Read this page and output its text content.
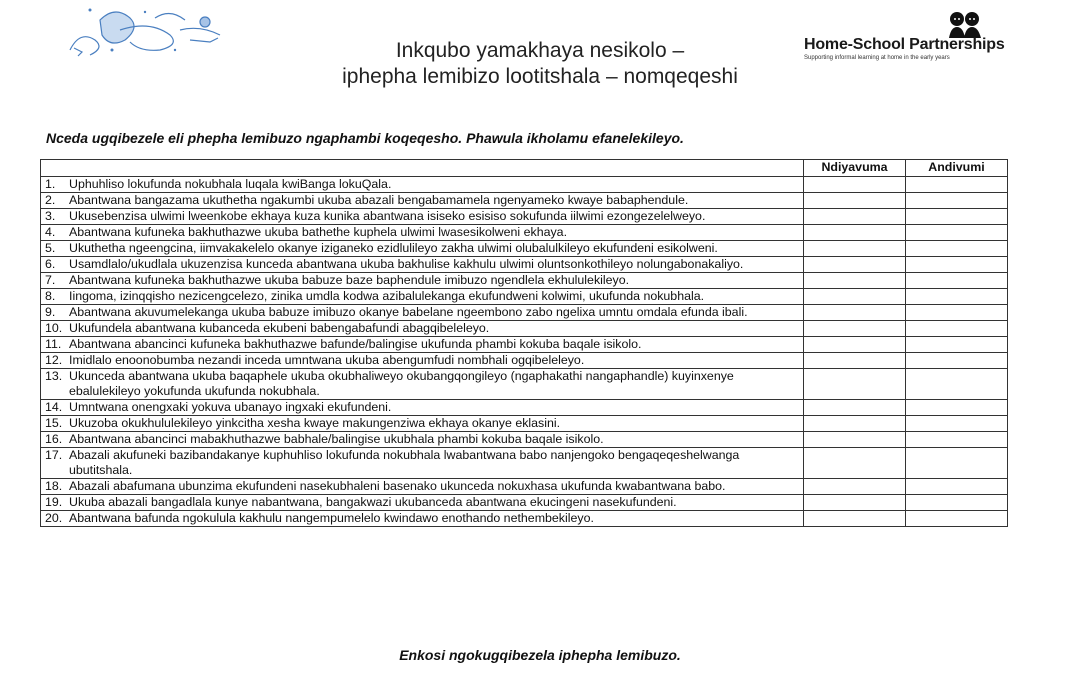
Inkqubo yamakhaya nesikolo –
iphepha lemibizo lootitshala – nomqeqeshi
Home-School Partnerships
Supporting informal learning at home in the early years
Nceda ugqibezele eli phepha lemibuzo ngaphambi koqeqesho. Phawula ikholamu efanelekileyo.
	Ndiyavuma	Andivumi

1. Uphuhliso lokufunda nokubhala luqala kwiBanga lokuQala.		

2. Abantwana bangazama ukuthetha ngakumbi ukuba abazali bengabamamela ngenyameko kwaye babaphendule.		

3. Ukusebenzisa ulwimi lweenkobe ekhaya kuza kunika abantwana isiseko esisiso sokufunda iilwimi ezongezelelweyo.		

4. Abantwana kufuneka bakhuthazwe ukuba bathethe kuphela ulwimi lwasesikolweni ekhaya.		

5. Ukuthetha ngeengcina, iimvakakelelo okanye iziganeko ezidlulileyo zakha ulwimi olubalulkileyo ekufundeni esikolweni.		

6. Usamdlalo/ukudlala ukuzenzisa kunceda abantwana ukuba bakhulise kakhulu ulwimi oluntsonkothileyo nolungabonakaliyo.		

7. Abantwana kufuneka bakhuthazwe ukuba babuze baze baphendule imibuzo ngendlela ekhululekileyo.		

8. Iingoma, izinqqisho nezicengcelezo, zinika umdla kodwa azibalulekanga ekufundweni kolwimi, ukufunda nokubhala.		

9. Abantwana akuvumelekanga ukuba babuze imibuzo okanye babelane ngeembono zabo ngelixa umntu omdala efunda ibali.		

10. Ukufundela abantwana kubanceda ekubeni babengabafundi abagqibeleleyo.		

11. Abantwana abancinci kufuneka bakhuthazwe bafunde/balingise ukufunda phambi kokuba baqale isikolo.		

12. Imidlalo enoonobumba nezandi inceda umntwana ukuba abengumfudi nombhali ogqibeleleyo.		

13. Ukunceda abantwana ukuba baqaphele ukuba okubhaliweyo okubangqongileyo (ngaphakathi nangaphandle) kuyinxenye ebalulekileyo yokufunda ukufunda nokubhala.		

14. Umntwana onengxaki yokuva ubanayo ingxaki ekufundeni.		

15. Ukuzoba okukhululekileyo yinkcitha xesha kwaye makungenziwa ekhaya okanye eklasini.		

16. Abantwana abancinci mabakhuthazwe babhale/balingise ukubhala phambi kokuba baqale isikolo.		

17. Abazali akufuneki bazibandakanye kuphuhliso lokufunda nokubhala lwabantwana babo nanjengoko bengaqeqeshelwanga ubutitshala.		

18. Abazali abafumana ubunzima ekufundeni nasekubhaleni basenako ukunceda nokuxhasa ukufunda kwabantwana babo.		

19. Ukuba abazali bangadlala kunye nabantwana, bangakwazi ukubanceda abantwana ekucingeni nasekufundeni.		

20. Abantwana bafunda ngokulula kakhulu nangempumelelo kwindawo enothando nethembekileyo.		

Enkosi ngokugqibezela iphepha lemibuzo.
